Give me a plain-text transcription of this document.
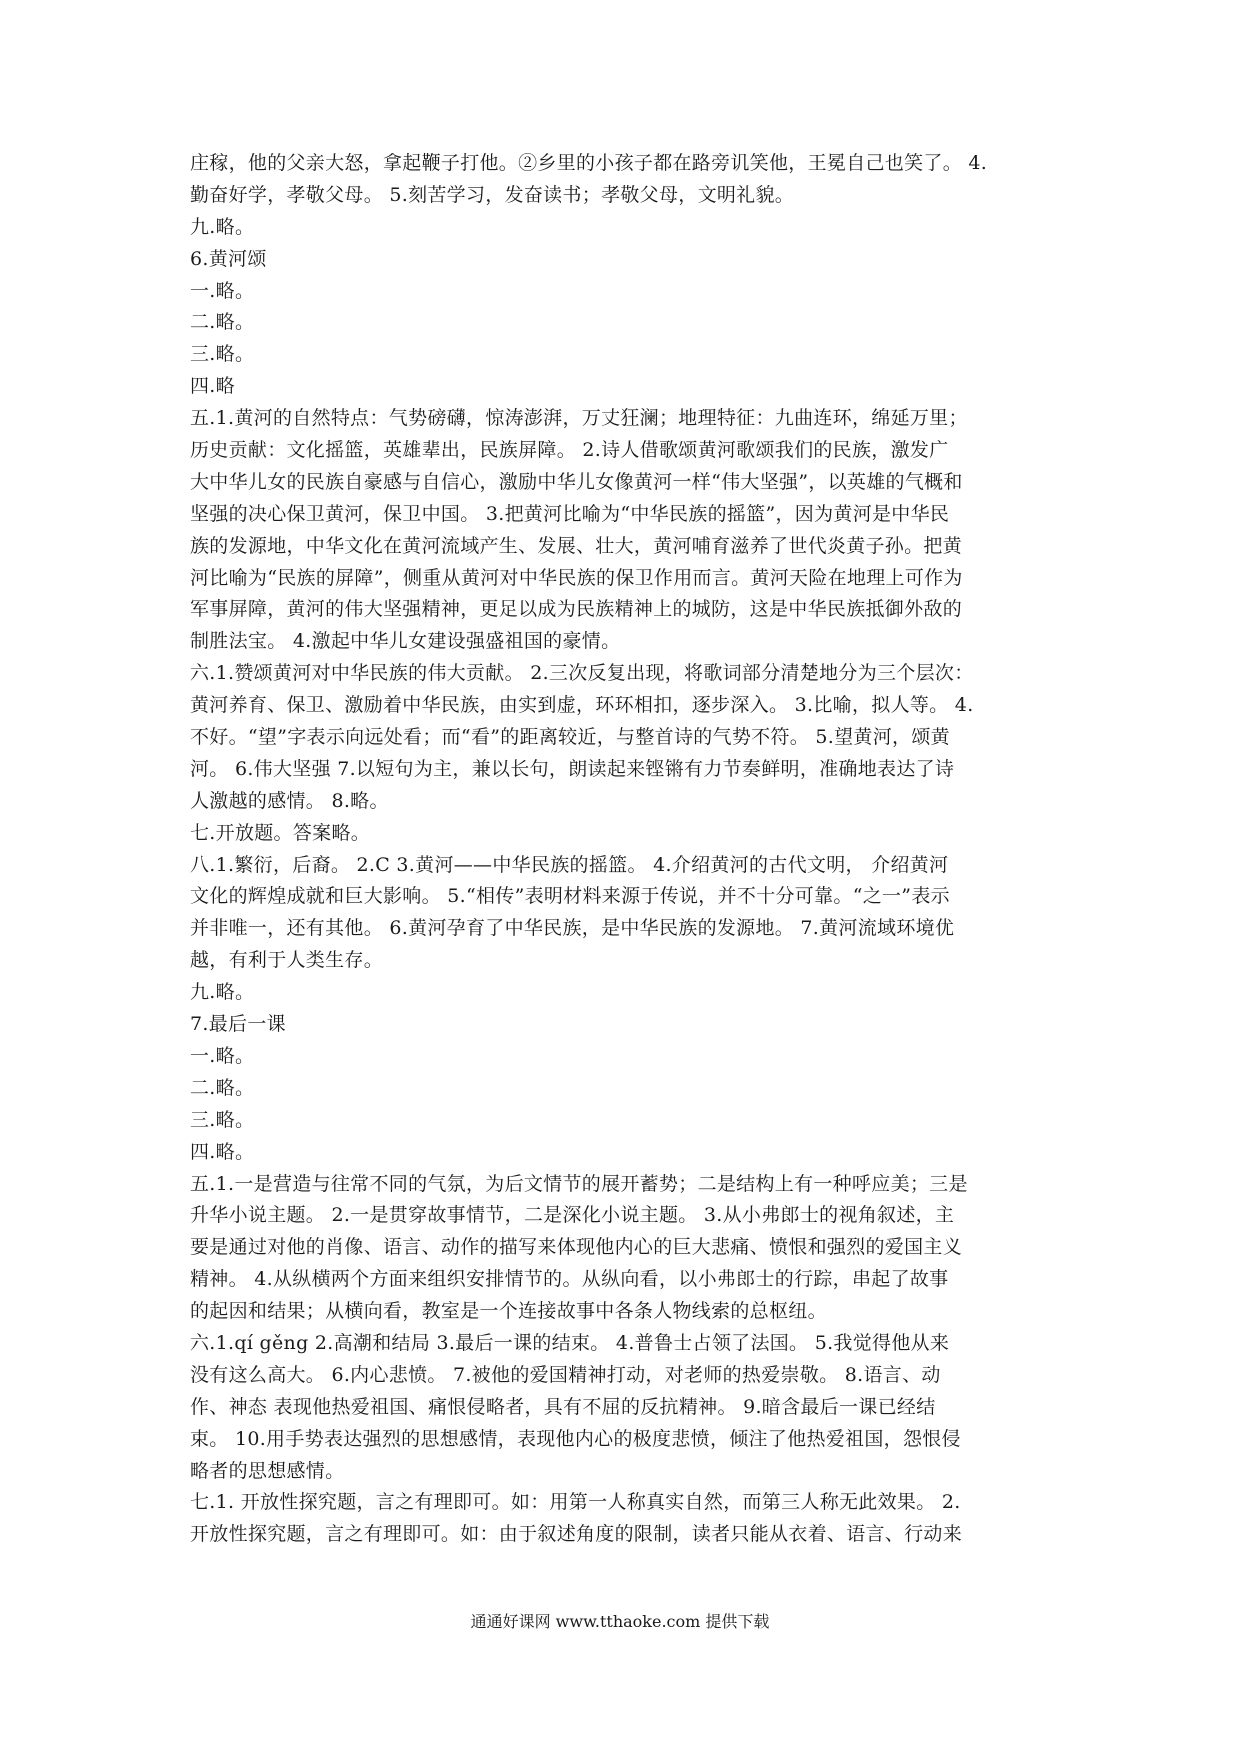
庄稼，他的父亲大怒，拿起鞭子打他。②乡里的小孩子都在路旁讥笑他，王冕自己也笑了。 4.
勤奋好学，孝敬父母。 5.刻苦学习，发奋读书；孝敬父母，文明礼貌。
九.略。
6.黄河颂
一.略。
二.略。
三.略。
四.略
五.1.黄河的自然特点：气势磅礴，惊涛澎湃，万丈狂澜；地理特征：九曲连环，绵延万里；
历史贡献：文化摇篮，英雄辈出，民族屏障。 2.诗人借歌颂黄河歌颂我们的民族，激发广
大中华儿女的民族自豪感与自信心，激励中华儿女像黄河一样“伟大坚强”，以英雄的气概和
坚强的决心保卫黄河，保卫中国。 3.把黄河比喻为“中华民族的摇篮”，因为黄河是中华民
族的发源地，中华文化在黄河流域产生、发展、壮大，黄河哺育滋养了世代炎黄子孙。把黄
河比喻为“民族的屏障”，侧重从黄河对中华民族的保卫作用而言。黄河天险在地理上可作为
军事屏障，黄河的伟大坚强精神，更足以成为民族精神上的城防，这是中华民族抵御外敌的
制胜法宝。 4.激起中华儿女建设强盛祖国的豪情。
六.1.赞颂黄河对中华民族的伟大贡献。 2.三次反复出现，将歌词部分清楚地分为三个层次：
黄河养育、保卫、激励着中华民族，由实到虚，环环相扣，逐步深入。 3.比喻，拟人等。 4.
不好。“望”字表示向远处看；而“看”的距离较近，与整首诗的气势不符。 5.望黄河，颂黄
河。 6.伟大坚强 7.以短句为主，兼以长句，朗读起来铿锵有力节奏鲜明，准确地表达了诗
人激越的感情。 8.略。
七.开放题。答案略。
八.1.繁衍，后裔。 2.C 3.黄河——中华民族的摇篮。 4.介绍黄河的古代文明， 介绍黄河
文化的辉煌成就和巨大影响。 5.“相传”表明材料来源于传说，并不十分可靠。“之一”表示
并非唯一，还有其他。 6.黄河孕育了中华民族，是中华民族的发源地。 7.黄河流域环境优
越，有利于人类生存。
九.略。
7.最后一课
一.略。
二.略。
三.略。
四.略。
五.1.一是营造与往常不同的气氛，为后文情节的展开蓄势；二是结构上有一种呼应美；三是
升华小说主题。 2.一是贯穿故事情节，二是深化小说主题。 3.从小弗郎士的视角叙述，主
要是通过对他的肖像、语言、动作的描写来体现他内心的巨大悲痛、愤恨和强烈的爱国主义
精神。 4.从纵横两个方面来组织安排情节的。从纵向看，以小弗郎士的行踪，串起了故事
的起因和结果；从横向看，教室是一个连接故事中各条人物线索的总枢纽。
六.1.qí gěng 2.高潮和结局 3.最后一课的结束。 4.普鲁士占领了法国。 5.我觉得他从来
没有这么高大。 6.内心悲愤。 7.被他的爱国精神打动，对老师的热爱崇敬。 8.语言、动
作、神态 表现他热爱祖国、痛恨侵略者，具有不屈的反抗精神。 9.暗含最后一课已经结
束。 10.用手势表达强烈的思想感情，表现他内心的极度悲愤，倾注了他热爱祖国，怨恨侵
略者的思想感情。
七.1. 开放性探究题，言之有理即可。如：用第一人称真实自然，而第三人称无此效果。 2.
开放性探究题，言之有理即可。如：由于叙述角度的限制，读者只能从衣着、语言、行动来
通通好课网 www.tthaoke.com 提供下载
